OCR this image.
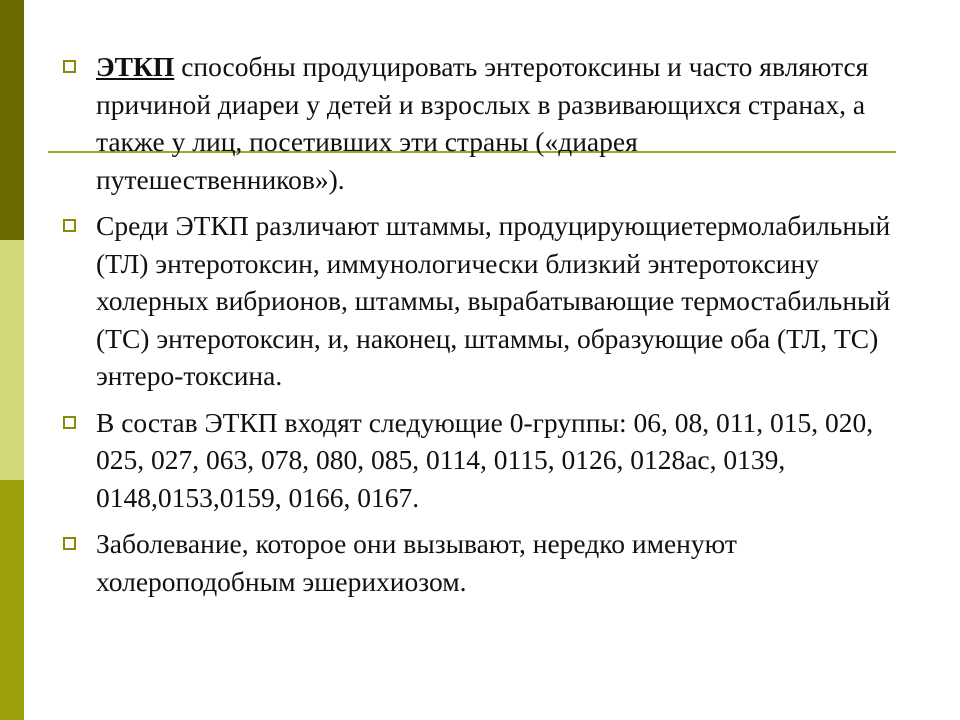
ЭТКП способны продуцировать энтеротоксины и часто являются причиной диареи у детей и взрослых в развивающихся странах, а также у лиц, посетивших эти страны («диарея путешественников»).
Среди ЭТКП различают штаммы, продуцирующиетермолабильный (ТЛ) энтеротоксин, иммунологически близкий энтеротоксину холерных вибрионов, штаммы, вырабатывающие термостабильный (ТС) энтеротоксин, и, наконец, штаммы, образующие оба (ТЛ, ТС) энтеро-токсина.
В состав ЭТКП входят следующие 0-группы: 06, 08, 011, 015, 020, 025, 027, 063, 078, 080, 085, 0114, 0115, 0126, 0128ас, 0139, 0148,0153,0159, 0166, 0167.
Заболевание, которое они вызывают, нередко именуют холероподобным эшерихиозом.
